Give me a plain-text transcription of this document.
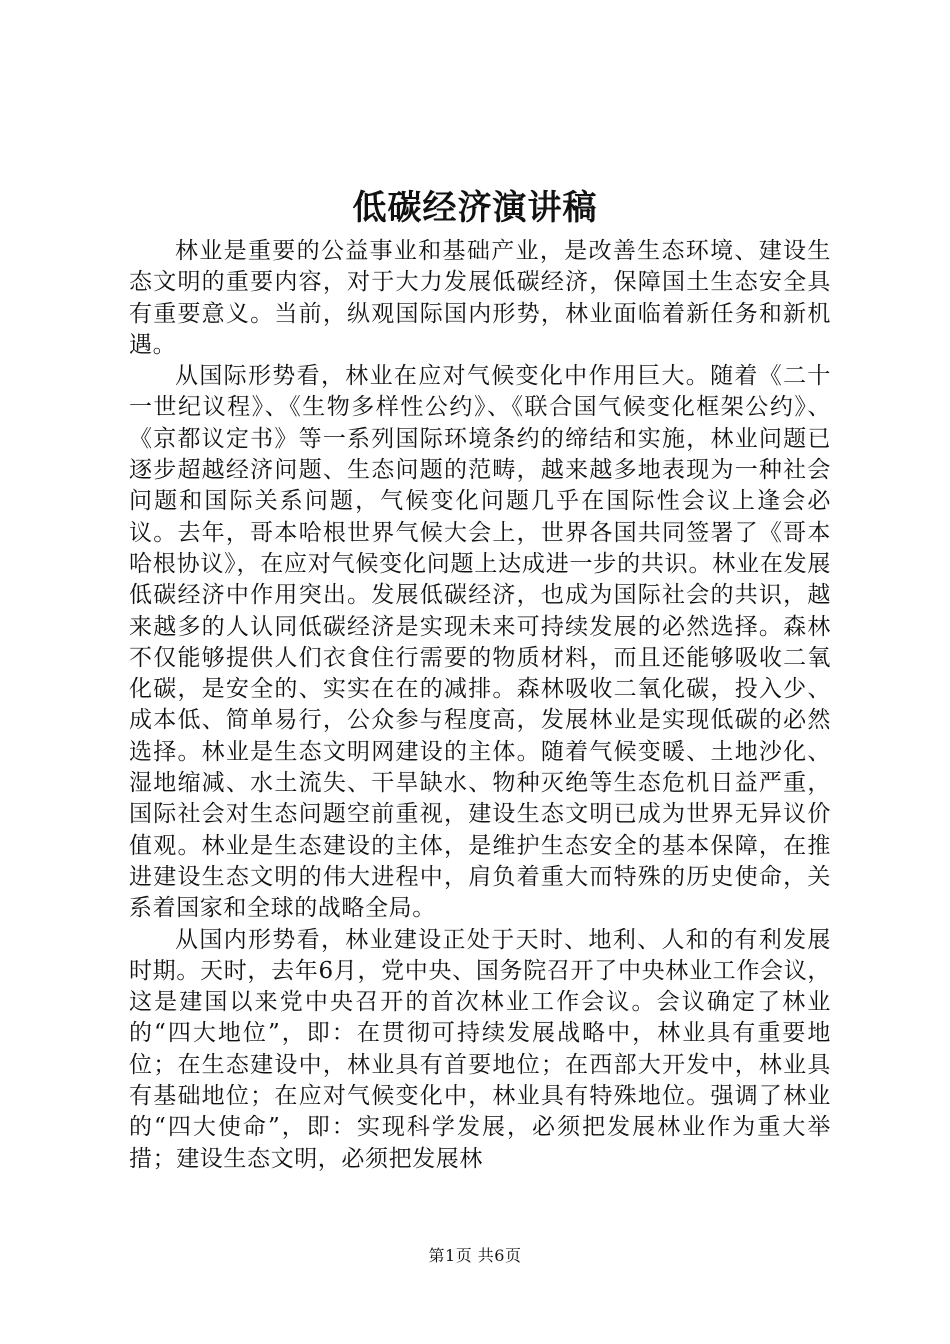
低碳经济演讲稿

林业是重要的公益事业和基础产业，是改善生态环境、建设生态文明的重要内容，对于大力发展低碳经济，保障国土生态安全具有重要意义。当前，纵观国际国内形势，林业面临着新任务和新机遇。

从国际形势看，林业在应对气候变化中作用巨大。随着《二十一世纪议程》、《生物多样性公约》、《联合国气候变化框架公约》、《京都议定书》等一系列国际环境条约的缔结和实施，林业问题已逐步超越经济问题、生态问题的范畴，越来越多地表现为一种社会问题和国际关系问题，气候变化问题几乎在国际性会议上逢会必议。去年，哥本哈根世界气候大会上，世界各国共同签署了《哥本哈根协议》，在应对气候变化问题上达成进一步的共识。林业在发展低碳经济中作用突出。发展低碳经济，也成为国际社会的共识，越来越多的人认同低碳经济是实现未来可持续发展的必然选择。森林不仅能够提供人们衣食住行需要的物质材料，而且还能够吸收二氧化碳，是安全的、实实在在的减排。森林吸收二氧化碳，投入少、成本低、简单易行，公众参与程度高，发展林业是实现低碳的必然选择。林业是生态文明网建设的主体。随着气候变暖、土地沙化、湿地缩减、水土流失、干旱缺水、物种灭绝等生态危机日益严重，国际社会对生态问题空前重视，建设生态文明已成为世界无异议价值观。林业是生态建设的主体，是维护生态安全的基本保障，在推进建设生态文明的伟大进程中，肩负着重大而特殊的历史使命，关系着国家和全球的战略全局。

从国内形势看，林业建设正处于天时、地利、人和的有利发展时期。天时，去年6月，党中央、国务院召开了中央林业工作会议，这是建国以来党中央召开的首次林业工作会议。会议确定了林业的“四大地位”，即：在贯彻可持续发展战略中，林业具有重要地位；在生态建设中，林业具有首要地位；在西部大开发中，林业具有基础地位；在应对气候变化中，林业具有特殊地位。强调了林业的“四大使命”，即：实现科学发展，必须把发展林业作为重大举措；建设生态文明，必须把发展林

第1页 共6页
